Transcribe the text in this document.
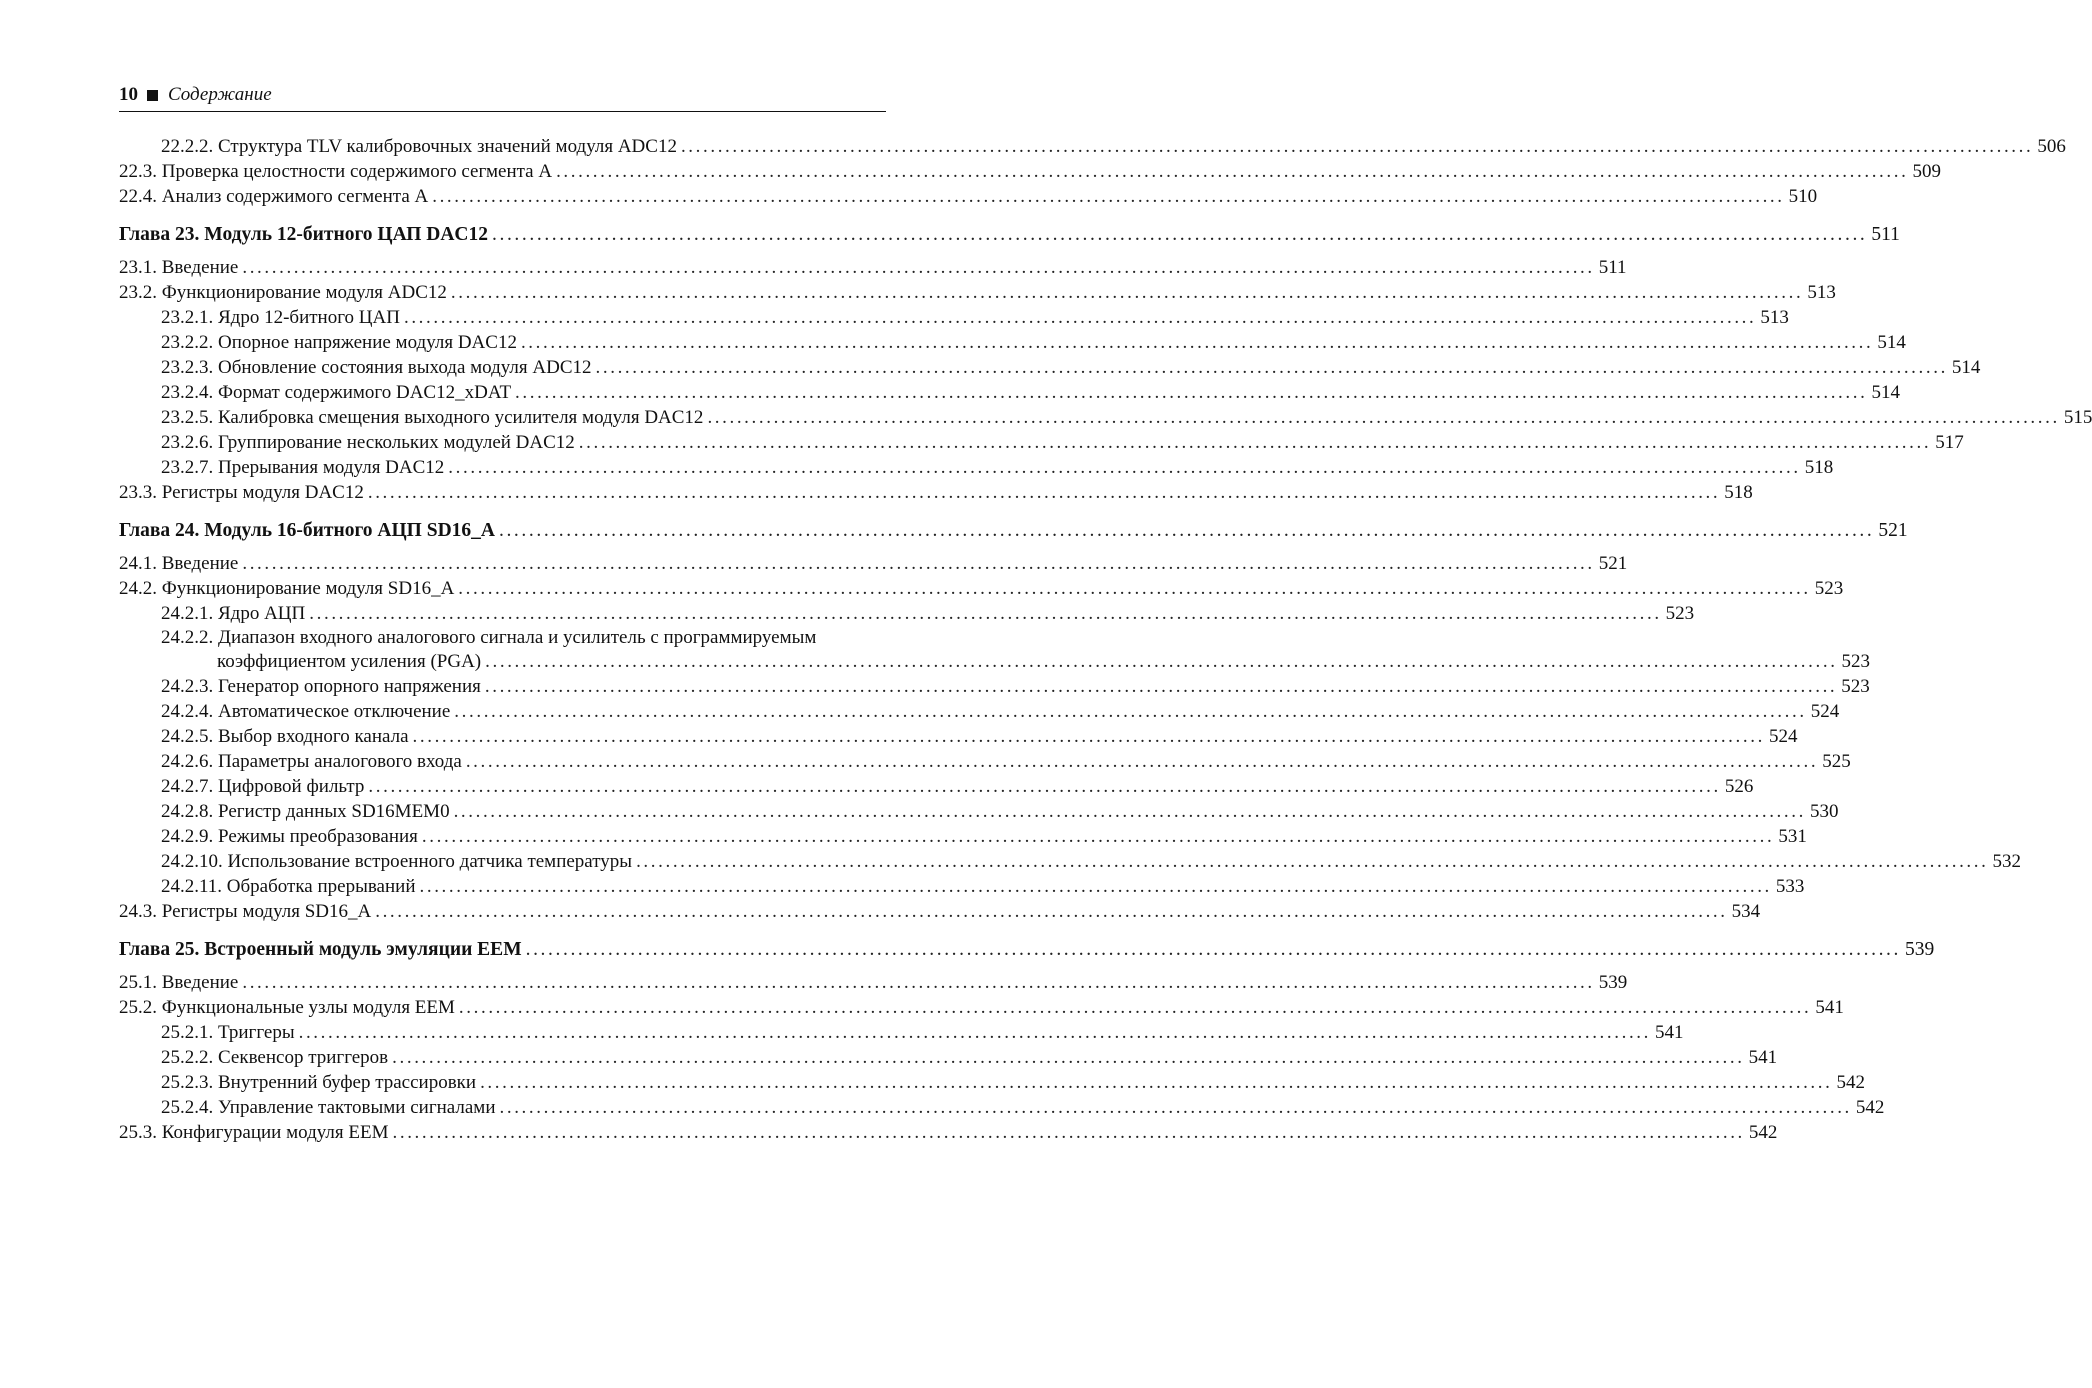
10 Содержание
22.2.2. Структура TLV калибровочных значений модуля ADC12 ........................................................................................................................................................................................ 506
22.3. Проверка целостности содержимого сегмента А ........................................................................................................................................................................................ 509
22.4. Анализ содержимого сегмента А ........................................................................................................................................................................................ 510
Глава 23. Модуль 12-битного ЦАП DAC12 ........................................................................................................................................................................................ 511
23.1. Введение ........................................................................................................................................................................................ 511
23.2. Функционирование модуля ADC12 ........................................................................................................................................................................................ 513
23.2.1. Ядро 12-битного ЦАП ........................................................................................................................................................................................ 513
23.2.2. Опорное напряжение модуля DAC12 ........................................................................................................................................................................................ 514
23.2.3. Обновление состояния выхода модуля ADC12 ........................................................................................................................................................................................ 514
23.2.4. Формат содержимого DAC12_xDAT ........................................................................................................................................................................................ 514
23.2.5. Калибровка смещения выходного усилителя модуля DAC12 ........................................................................................................................................................................................ 515
23.2.6. Группирование нескольких модулей DAC12 ........................................................................................................................................................................................ 517
23.2.7. Прерывания модуля DAC12 ........................................................................................................................................................................................ 518
23.3. Регистры модуля DAC12 ........................................................................................................................................................................................ 518
Глава 24. Модуль 16-битного АЦП SD16_A ........................................................................................................................................................................................ 521
24.1. Введение ........................................................................................................................................................................................ 521
24.2. Функционирование модуля SD16_A ........................................................................................................................................................................................ 523
24.2.1. Ядро АЦП ........................................................................................................................................................................................ 523
24.2.2. Диапазон входного аналогового сигнала и усилитель с программируемым
коэффициентом усиления (PGA) ........................................................................................................................................................................................ 523
24.2.3. Генератор опорного напряжения ........................................................................................................................................................................................ 523
24.2.4. Автоматическое отключение ........................................................................................................................................................................................ 524
24.2.5. Выбор входного канала ........................................................................................................................................................................................ 524
24.2.6. Параметры аналогового входа ........................................................................................................................................................................................ 525
24.2.7. Цифровой фильтр ........................................................................................................................................................................................ 526
24.2.8. Регистр данных SD16MEM0 ........................................................................................................................................................................................ 530
24.2.9. Режимы преобразования ........................................................................................................................................................................................ 531
24.2.10. Использование встроенного датчика температуры ........................................................................................................................................................................................ 532
24.2.11. Обработка прерываний ........................................................................................................................................................................................ 533
24.3. Регистры модуля SD16_A ........................................................................................................................................................................................ 534
Глава 25. Встроенный модуль эмуляции ЕЕМ ........................................................................................................................................................................................ 539
25.1. Введение ........................................................................................................................................................................................ 539
25.2. Функциональные узлы модуля ЕЕМ ........................................................................................................................................................................................ 541
25.2.1. Триггеры ........................................................................................................................................................................................ 541
25.2.2. Секвенсор триггеров ........................................................................................................................................................................................ 541
25.2.3. Внутренний буфер трассировки ........................................................................................................................................................................................ 542
25.2.4. Управление тактовыми сигналами ........................................................................................................................................................................................ 542
25.3. Конфигурации модуля ЕЕМ ........................................................................................................................................................................................ 542
